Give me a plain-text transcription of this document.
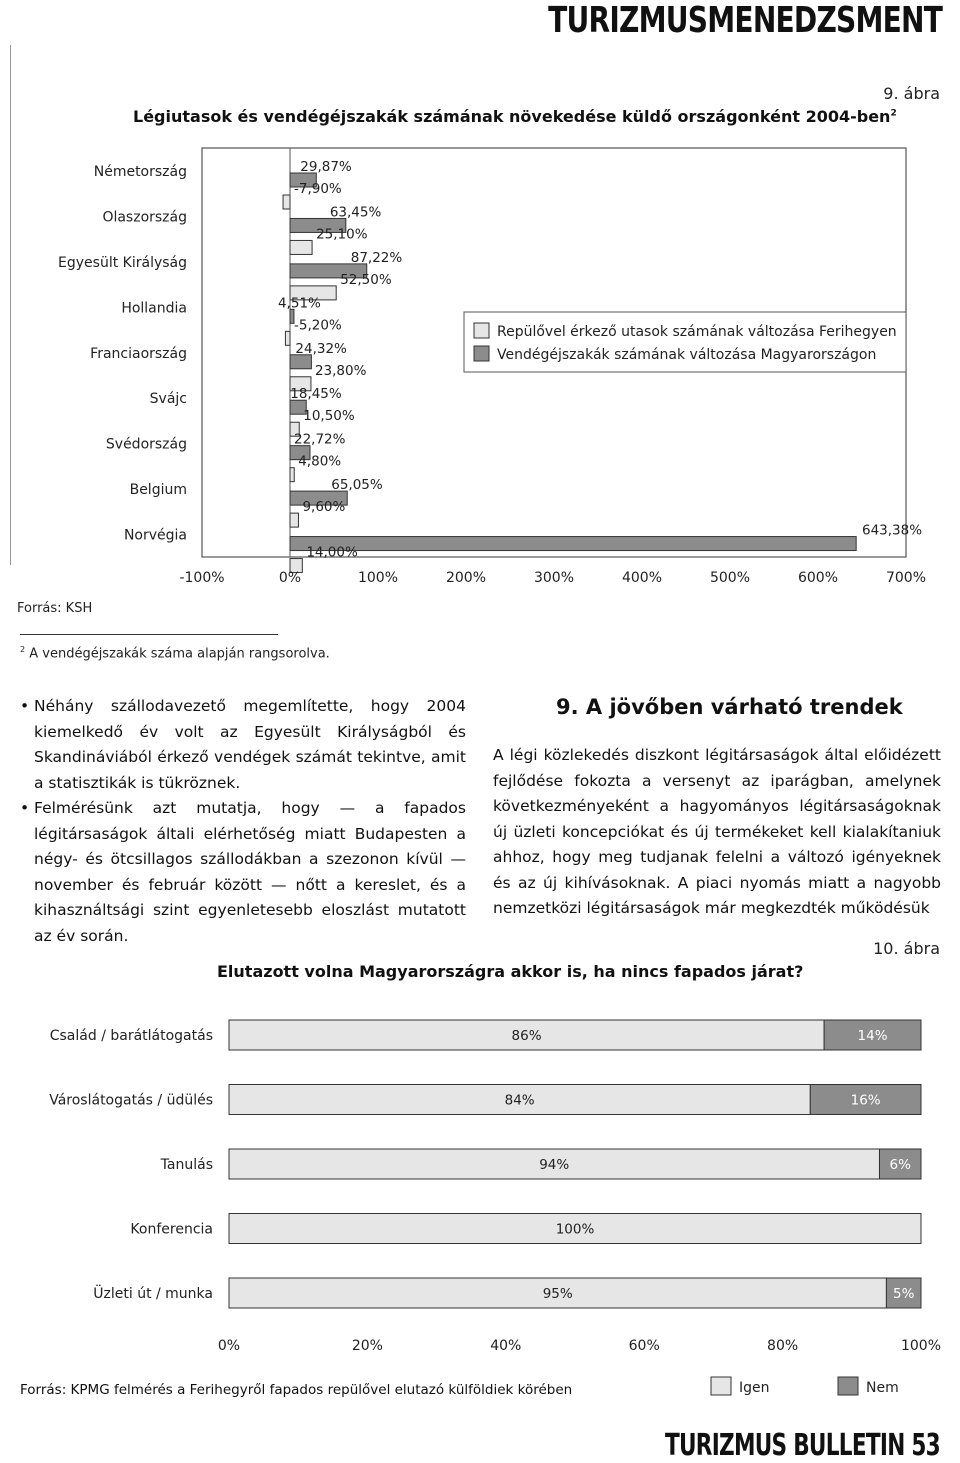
TURIZMUSMENEDZSMENT
9. ábra
Légiutasok és vendégéjszakák számának növekedése küldő országonként 2004-ben$^2$
Németország
Olaszország
Egyesült Királyság
Hollandia
Franciaország
Svájc
Svédország
Belgium
Norvégia
29,87%
-7,90%
63,45%
25,10%
87,22%
52,50%
4,51%
-5,20%
24,32%
23,80%
18,45%
10,50%
22,72%
4,80%
65,05%
9,60%
643,38%
14,00%
-100%	0%	100%	200%	300%	400%	500%	600%	700%
Repülővel érkező utasok számának változása Ferihegyen
Vendégéjszakák számának változása Magyarországon
Forrás: KSH
$^2$ A vendégéjszakák száma alapján rangsorolva.
• Néhány szállodavezető megemlítette, hogy 2004 kiemelkedő év volt az Egyesült Királyságból és Skandináviából érkező vendégek számát tekintve, amit a statisztikák is tükröznek.
• Felmérésünk azt mutatja, hogy — a fapados légitársaságok általi elérhetőség miatt Budapesten a négy- és ötcsillagos szállodákban a szezonon kívül — november és február között — nőtt a kereslet, és a kihasználtsági szint egyenletesebb eloszlást mutatott az év során.
9. A jövőben várható trendek
A légi közlekedés diszkont légitársaságok által előidézett fejlődése fokozta a versenyt az iparágban, amelynek következményeként a hagyományos légitársaságoknak új üzleti koncepciókat és új termékeket kell kialakítaniuk ahhoz, hogy meg tudjanak felelni a változó igényeknek és az új kihívásoknak. A piaci nyomás miatt a nagyobb nemzetközi légitársaságok már megkezdték működésük
10. ábra
Elutazott volna Magyarországra akkor is, ha nincs fapados járat?
Család / barátlátogatás
Városlátogatás / üdülés
Tanulás
Konferencia
Üzleti út / munka
86%	14%
84%	16%
94%	6%
100%
95%	5%
0%	20%	40%	60%	80%	100%
Igen	Nem
Forrás: KPMG felmérés a Ferihegyről fapados repülővel elutazó külföldiek körében
TURIZMUS BULLETIN 53
